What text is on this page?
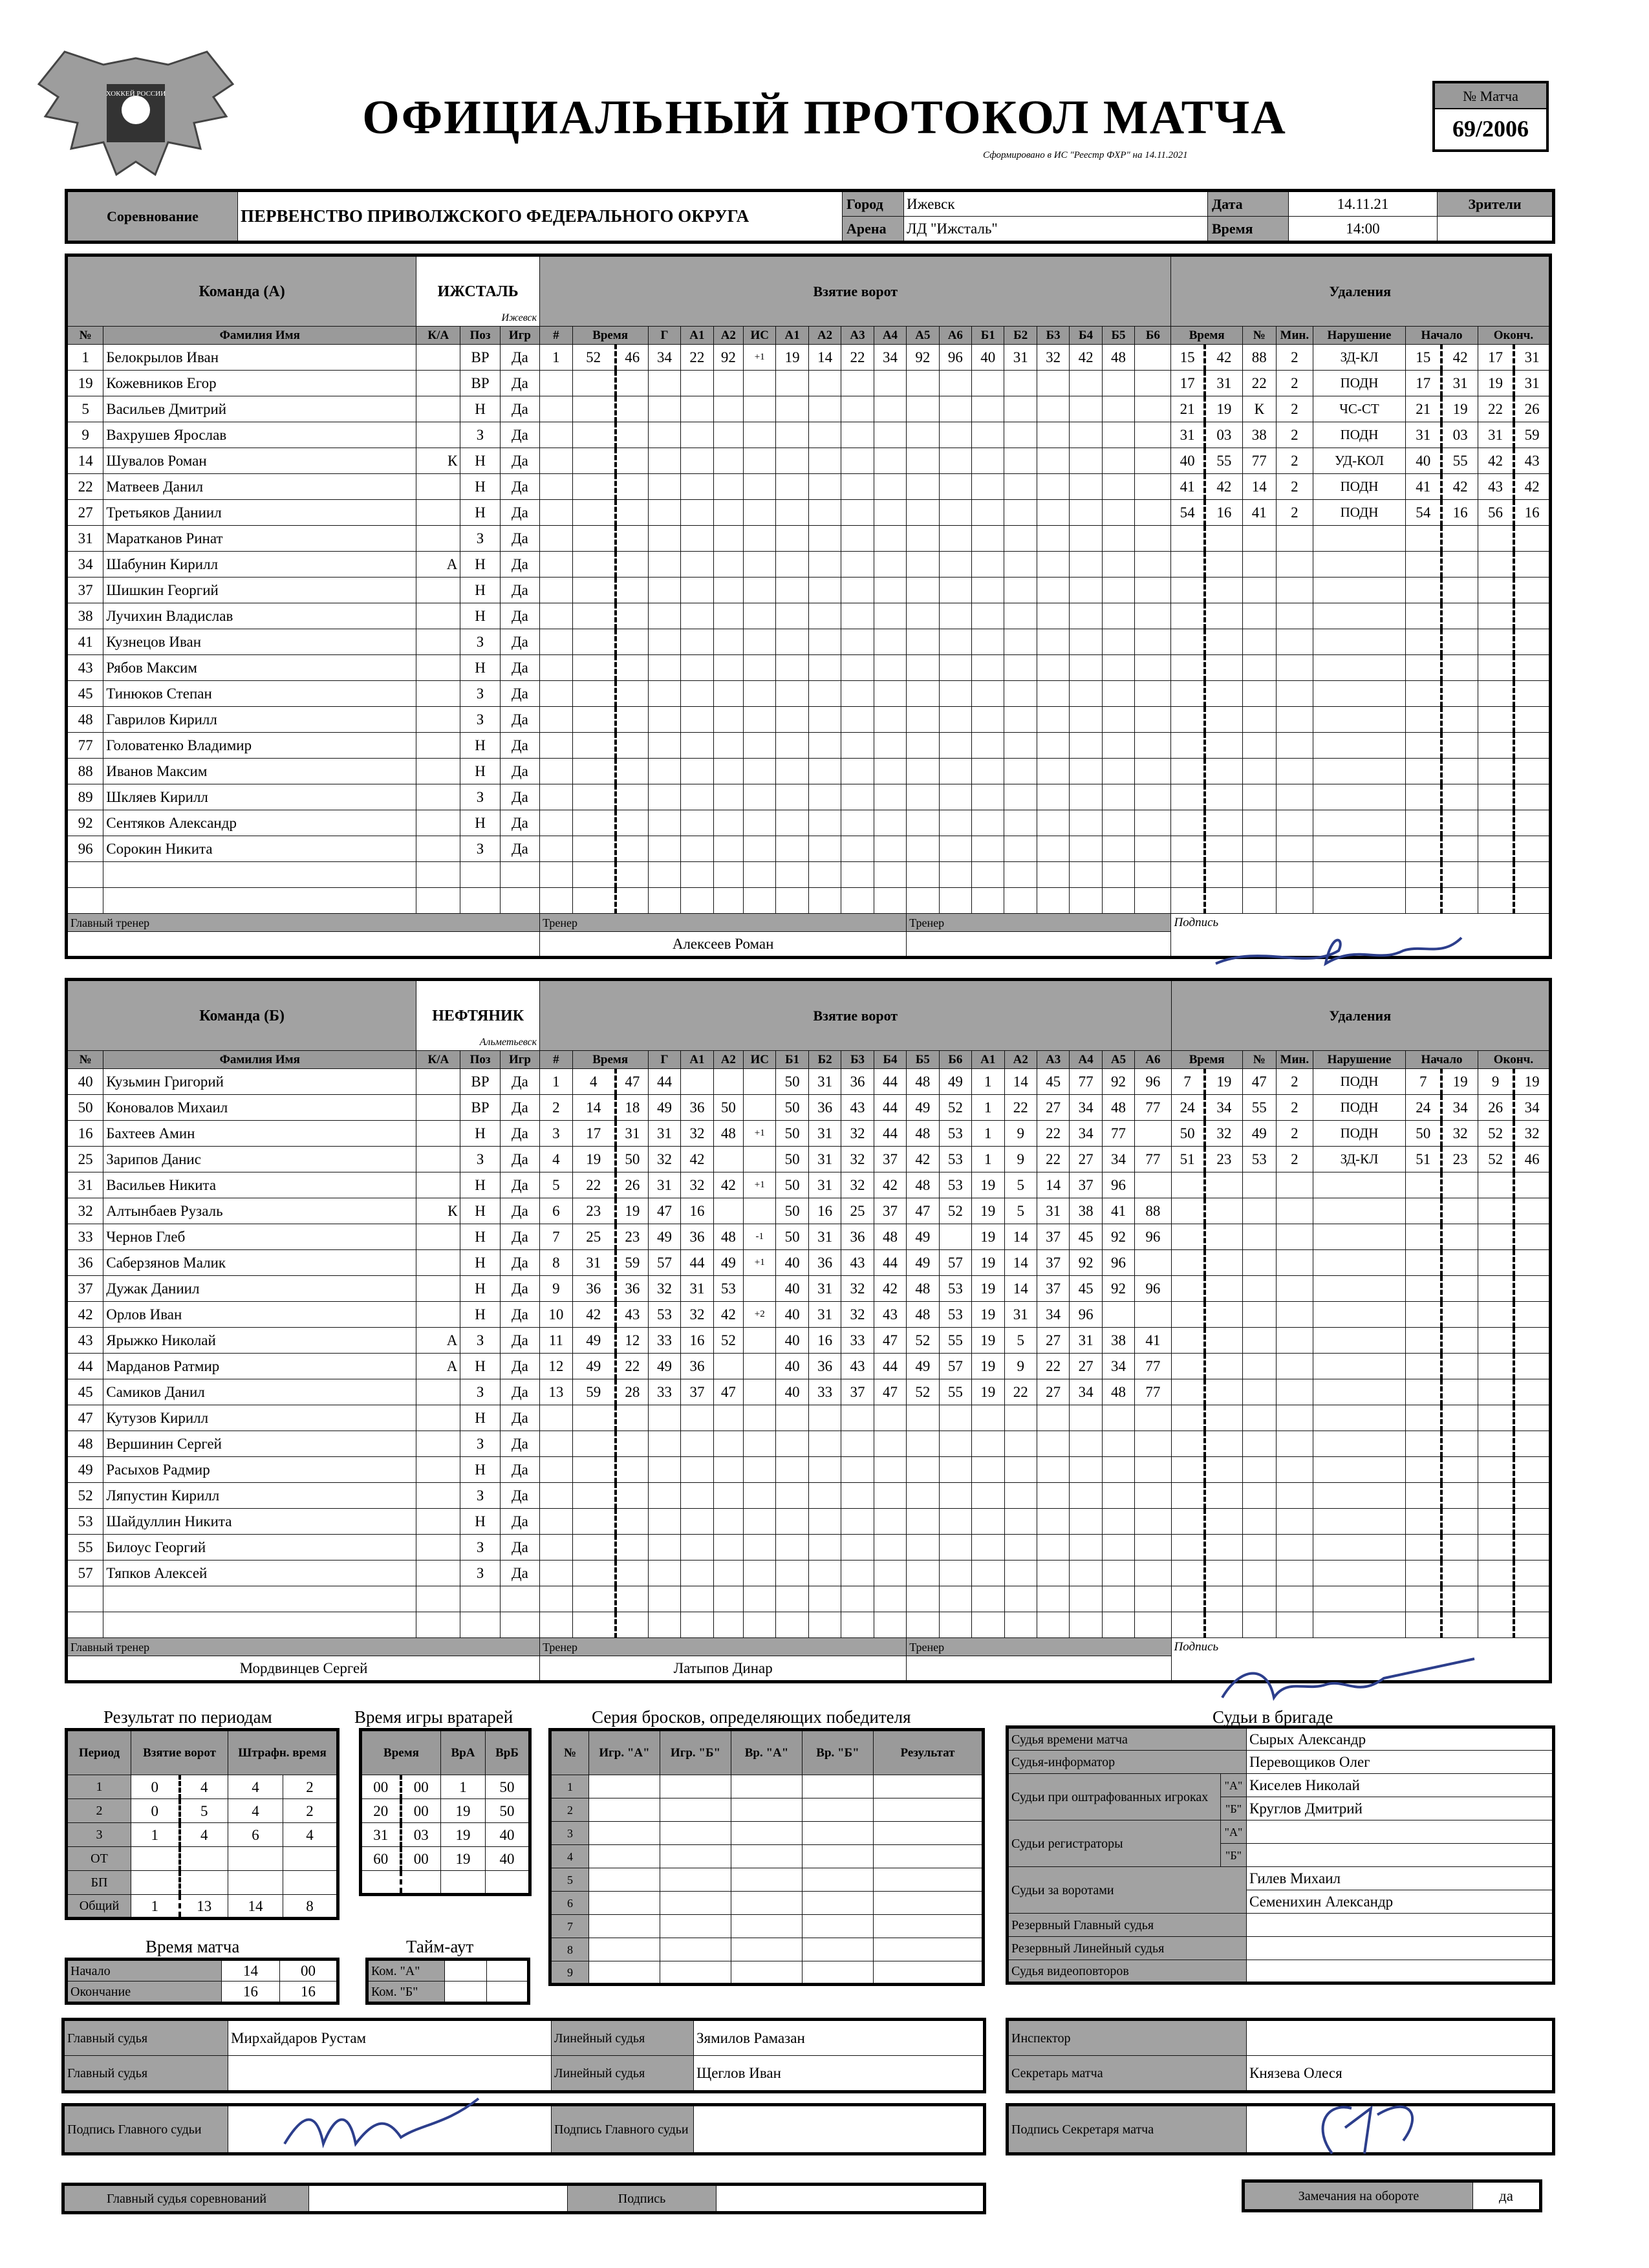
ХОККЕЙ РОССИИ	ОФИЦИАЛЬНЫЙ ПРОТОКОЛ МАТЧА
Сформировано в ИС "Реестр ФХР" на 14.11.2021
№ Матча
69/2006
Соревнование	ПЕРВЕНСТВО ПРИВОЛЖСКОГО ФЕДЕРАЛЬНОГО ОКРУГА	Город	Ижевск	Дата	14.11.21	Зрители
		Арена	ЛД "Ижсталь"	Время	14:00	
Команда (А)		ИЖСТАЛЬ
Ижевск			Взятие ворот																			Удаления								
№	Фамилия Имя	К/А	Поз	Игр	#	Время		Г	А1	А2	ИС	А1	А2	А3	А4	А5	А6	Б1	Б2	Б3	Б4	Б5	Б6	Время		№	Мин.	Нарушение	Начало		Оконч.	
1	Белокрылов Иван		ВР	Да	1	52	46	34	22	92	+1	19	14	22	34	92	96	40	31	32	42	48		15	42	88	2	ЗД-КЛ	15	42	17	31
19	Кожевников Егор		ВР	Да																				17	31	22	2	ПОДН	17	31	19	31
5	Васильев Дмитрий		Н	Да																				21	19	К	2	ЧС-СТ	21	19	22	26
9	Вахрушев Ярослав		З	Да																				31	03	38	2	ПОДН	31	03	31	59
14	Шувалов Роман	К	Н	Да																				40	55	77	2	УД-КОЛ	40	55	42	43
22	Матвеев Данил		Н	Да																				41	42	14	2	ПОДН	41	42	43	42
27	Третьяков Даниил		Н	Да																				54	16	41	2	ПОДН	54	16	56	16
31	Маратканов Ринат		З	Да																												
34	Шабунин Кирилл	А	Н	Да																												
37	Шишкин Георгий		Н	Да																												
38	Лучихин Владислав		Н	Да																												
41	Кузнецов Иван		З	Да																												
43	Рябов Максим		Н	Да																												
45	Тинюков Степан		З	Да																												
48	Гаврилов Кирилл		З	Да																												
77	Головатенко Владимир		Н	Да																												
88	Иванов Максим		Н	Да																												
89	Шкляев Кирилл		З	Да																												
92	Сентяков Александр		Н	Да																												
96	Сорокин Никита		З	Да																												

Главный тренер					Тренер											Тренер								Подпись								
					Алексеев Роман																											
Команда (Б)		НЕФТЯНИК
Альметьевск			Взятие ворот																			Удаления								
№	Фамилия Имя	К/А	Поз	Игр	#	Время		Г	А1	А2	ИС	Б1	Б2	Б3	Б4	Б5	Б6	А1	А2	А3	А4	А5	А6	Время		№	Мин.	Нарушение	Начало		Оконч.	
40	Кузьмин Григорий		ВР	Да	1	4	47	44				50	31	36	44	48	49	1	14	45	77	92	96	7	19	47	2	ПОДН	7	19	9	19
50	Коновалов Михаил		ВР	Да	2	14	18	49	36	50		50	36	43	44	49	52	1	22	27	34	48	77	24	34	55	2	ПОДН	24	34	26	34
16	Бахтеев Амин		Н	Да	3	17	31	31	32	48	+1	50	31	32	44	48	53	1	9	22	34	77		50	32	49	2	ПОДН	50	32	52	32
25	Зарипов Данис		З	Да	4	19	50	32	42			50	31	32	37	42	53	1	9	22	27	34	77	51	23	53	2	ЗД-КЛ	51	23	52	46
31	Васильев Никита		Н	Да	5	22	26	31	32	42	+1	50	31	32	42	48	53	19	5	14	37	96										
32	Алтынбаев Рузаль	К	Н	Да	6	23	19	47	16			50	16	25	37	47	52	19	5	31	38	41	88									
33	Чернов Глеб		Н	Да	7	25	23	49	36	48	-1	50	31	36	48	49		19	14	37	45	92	96									
36	Саберзянов Малик		Н	Да	8	31	59	57	44	49	+1	40	36	43	44	49	57	19	14	37	92	96										
37	Дужак Даниил		Н	Да	9	36	36	32	31	53		40	31	32	42	48	53	19	14	37	45	92	96									
42	Орлов Иван		Н	Да	10	42	43	53	32	42	+2	40	31	32	43	48	53	19	31	34	96											
43	Ярыжко Николай	А	З	Да	11	49	12	33	16	52		40	16	33	47	52	55	19	5	27	31	38	41									
44	Марданов Ратмир	А	Н	Да	12	49	22	49	36			40	36	43	44	49	57	19	9	22	27	34	77									
45	Самиков Данил		З	Да	13	59	28	33	37	47		40	33	37	47	52	55	19	22	27	34	48	77									
47	Кутузов Кирилл		Н	Да																												
48	Вершинин Сергей		З	Да																												
49	Расыхов Радмир		Н	Да																												
52	Ляпустин Кирилл		З	Да																												
53	Шайдуллин Никита		Н	Да																												
55	Билоус Георгий		З	Да																												
57	Тяпков Алексей		З	Да																												

Главный тренер					Тренер											Тренер								Подпись								
Мордвинцев Сергей					Латыпов Динар																											
Результат по периодам
Период	Взятие ворот		Штрафн. время	
1	0	4	4	2
2	0	5	4	2
3	1	4	6	4
ОТ				
БП				
Общий	1	13	14	8
Время матча
Начало	14	00
Окончание	16	16
Время игры вратарей
Время		ВрА	ВрБ
00	00	1	50
20	00	19	50
31	03	19	40
60	00	19	40

Тайм-аут
Ком. "А"		
Ком. "Б"		
Серия бросков, определяющих победителя
№	Игр. "А"	Игр. "Б"	Вр. "А"	Вр. "Б"	Результат
1					
2					
3					
4					
5					
6					
7					
8					
9					
Судьи в бригаде
Судья времени матча		Сырых Александр
Судья-информатор		Перевощиков Олег
Судьи при оштрафованных игроках	"А"	Киселев Николай
	"Б"	Круглов Дмитрий
Судьи регистраторы	"А"	
	"Б"	
Судьи за воротами		Гилев Михаил
		Семенихин Александр
Резервный Главный судья		
Резервный Линейный судья		
Судья видеоповторов		
Главный судья	Мирхайдаров Рустам	Линейный судья	Зямилов Рамазан
Главный судья		Линейный судья	Щеглов Иван
Инспектор	
Секретарь матча	Князева Олеся
Подпись Главного судьи		Подпись Главного судьи		Подпись Секретаря матча	
Главный судья соревнований		Подпись		Замечания на обороте	да
